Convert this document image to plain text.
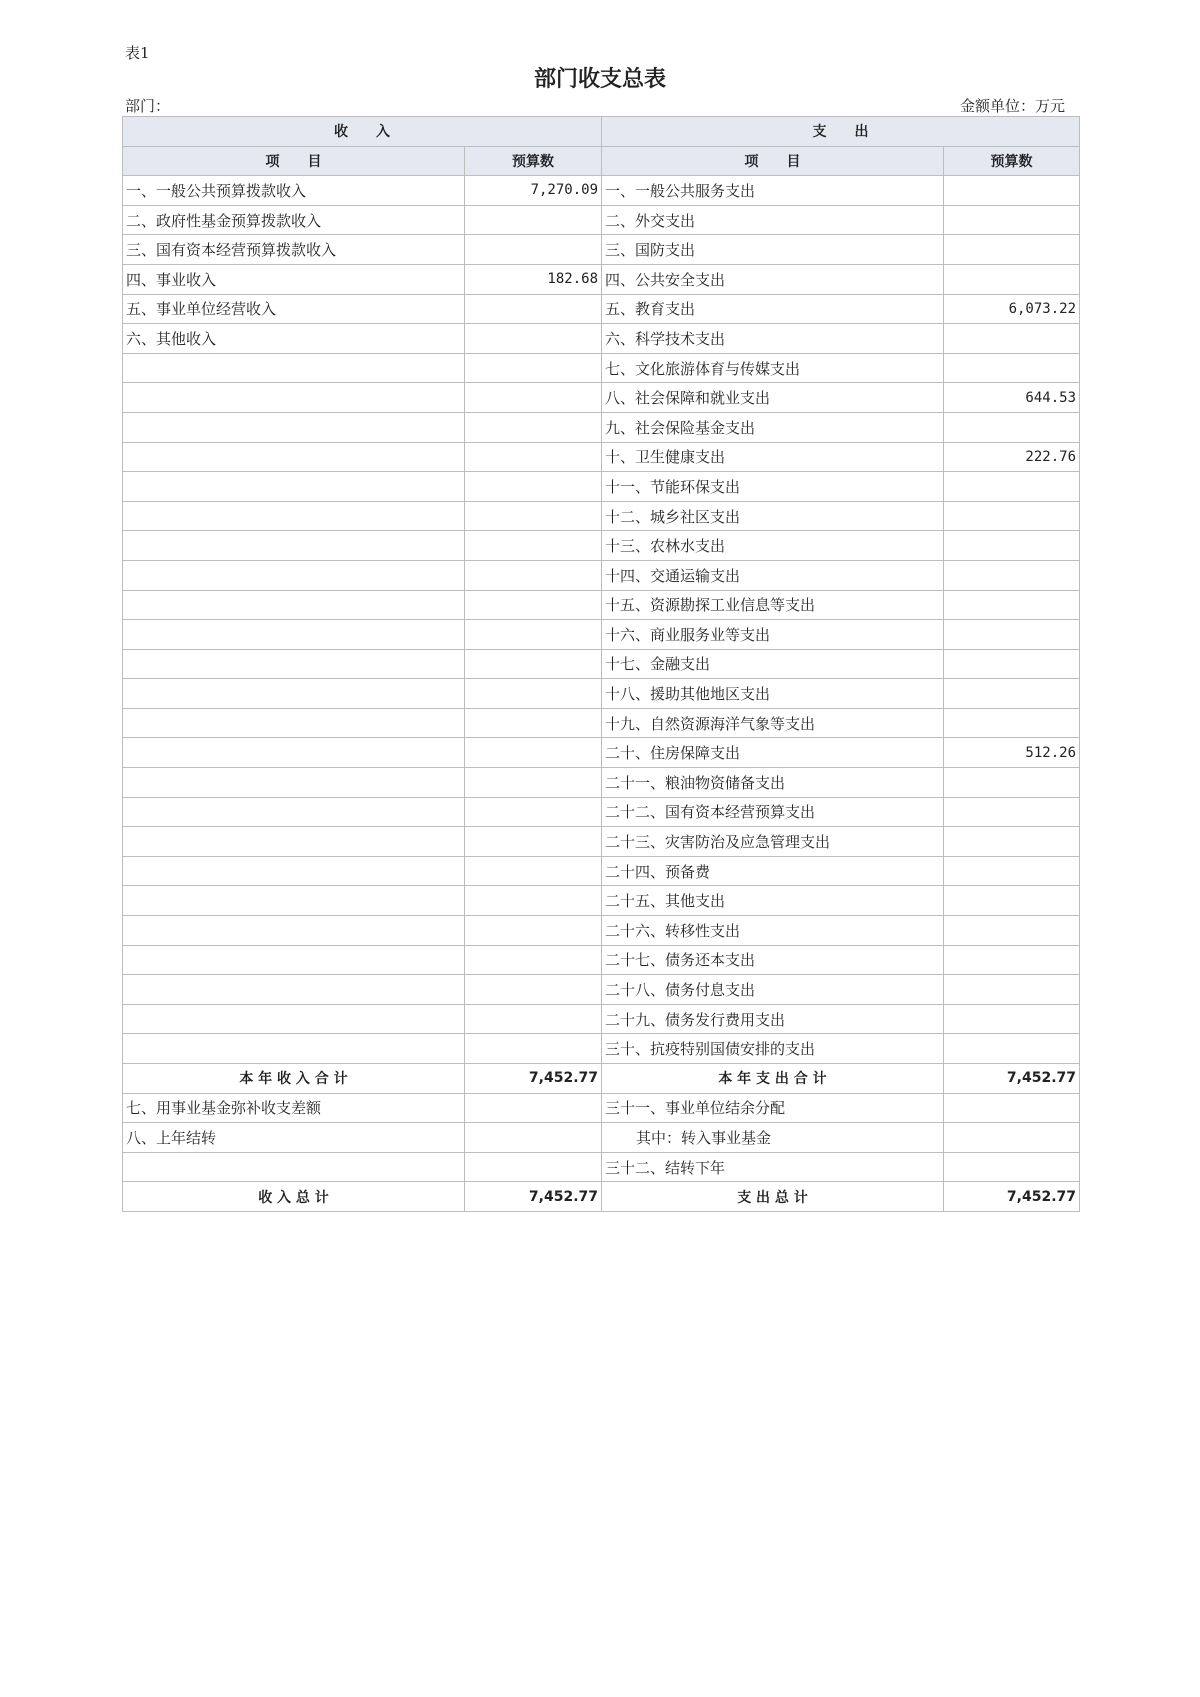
表1
部门收支总表
部门：	金额单位：万元
收　　入		支　　出	
项　　目	预算数	项　　目	预算数
一、一般公共预算拨款收入	7,270.09	一、一般公共服务支出	
二、政府性基金预算拨款收入		二、外交支出	
三、国有资本经营预算拨款收入		三、国防支出	
四、事业收入	182.68	四、公共安全支出	
五、事业单位经营收入		五、教育支出	6,073.22
六、其他收入		六、科学技术支出	
		七、文化旅游体育与传媒支出	
		八、社会保障和就业支出	644.53
		九、社会保险基金支出	
		十、卫生健康支出	222.76
		十一、节能环保支出	
		十二、城乡社区支出	
		十三、农林水支出	
		十四、交通运输支出	
		十五、资源勘探工业信息等支出	
		十六、商业服务业等支出	
		十七、金融支出	
		十八、援助其他地区支出	
		十九、自然资源海洋气象等支出	
		二十、住房保障支出	512.26
		二十一、粮油物资储备支出	
		二十二、国有资本经营预算支出	
		二十三、灾害防治及应急管理支出	
		二十四、预备费	
		二十五、其他支出	
		二十六、转移性支出	
		二十七、债务还本支出	
		二十八、债务付息支出	
		二十九、债务发行费用支出	
		三十、抗疫特别国债安排的支出	
本 年 收 入 合 计	7,452.77	本 年 支 出 合 计	7,452.77
七、用事业基金弥补收支差额		三十一、事业单位结余分配	
八、上年结转		其中：转入事业基金	
		三十二、结转下年	
收 入 总 计	7,452.77	支 出 总 计	7,452.77
